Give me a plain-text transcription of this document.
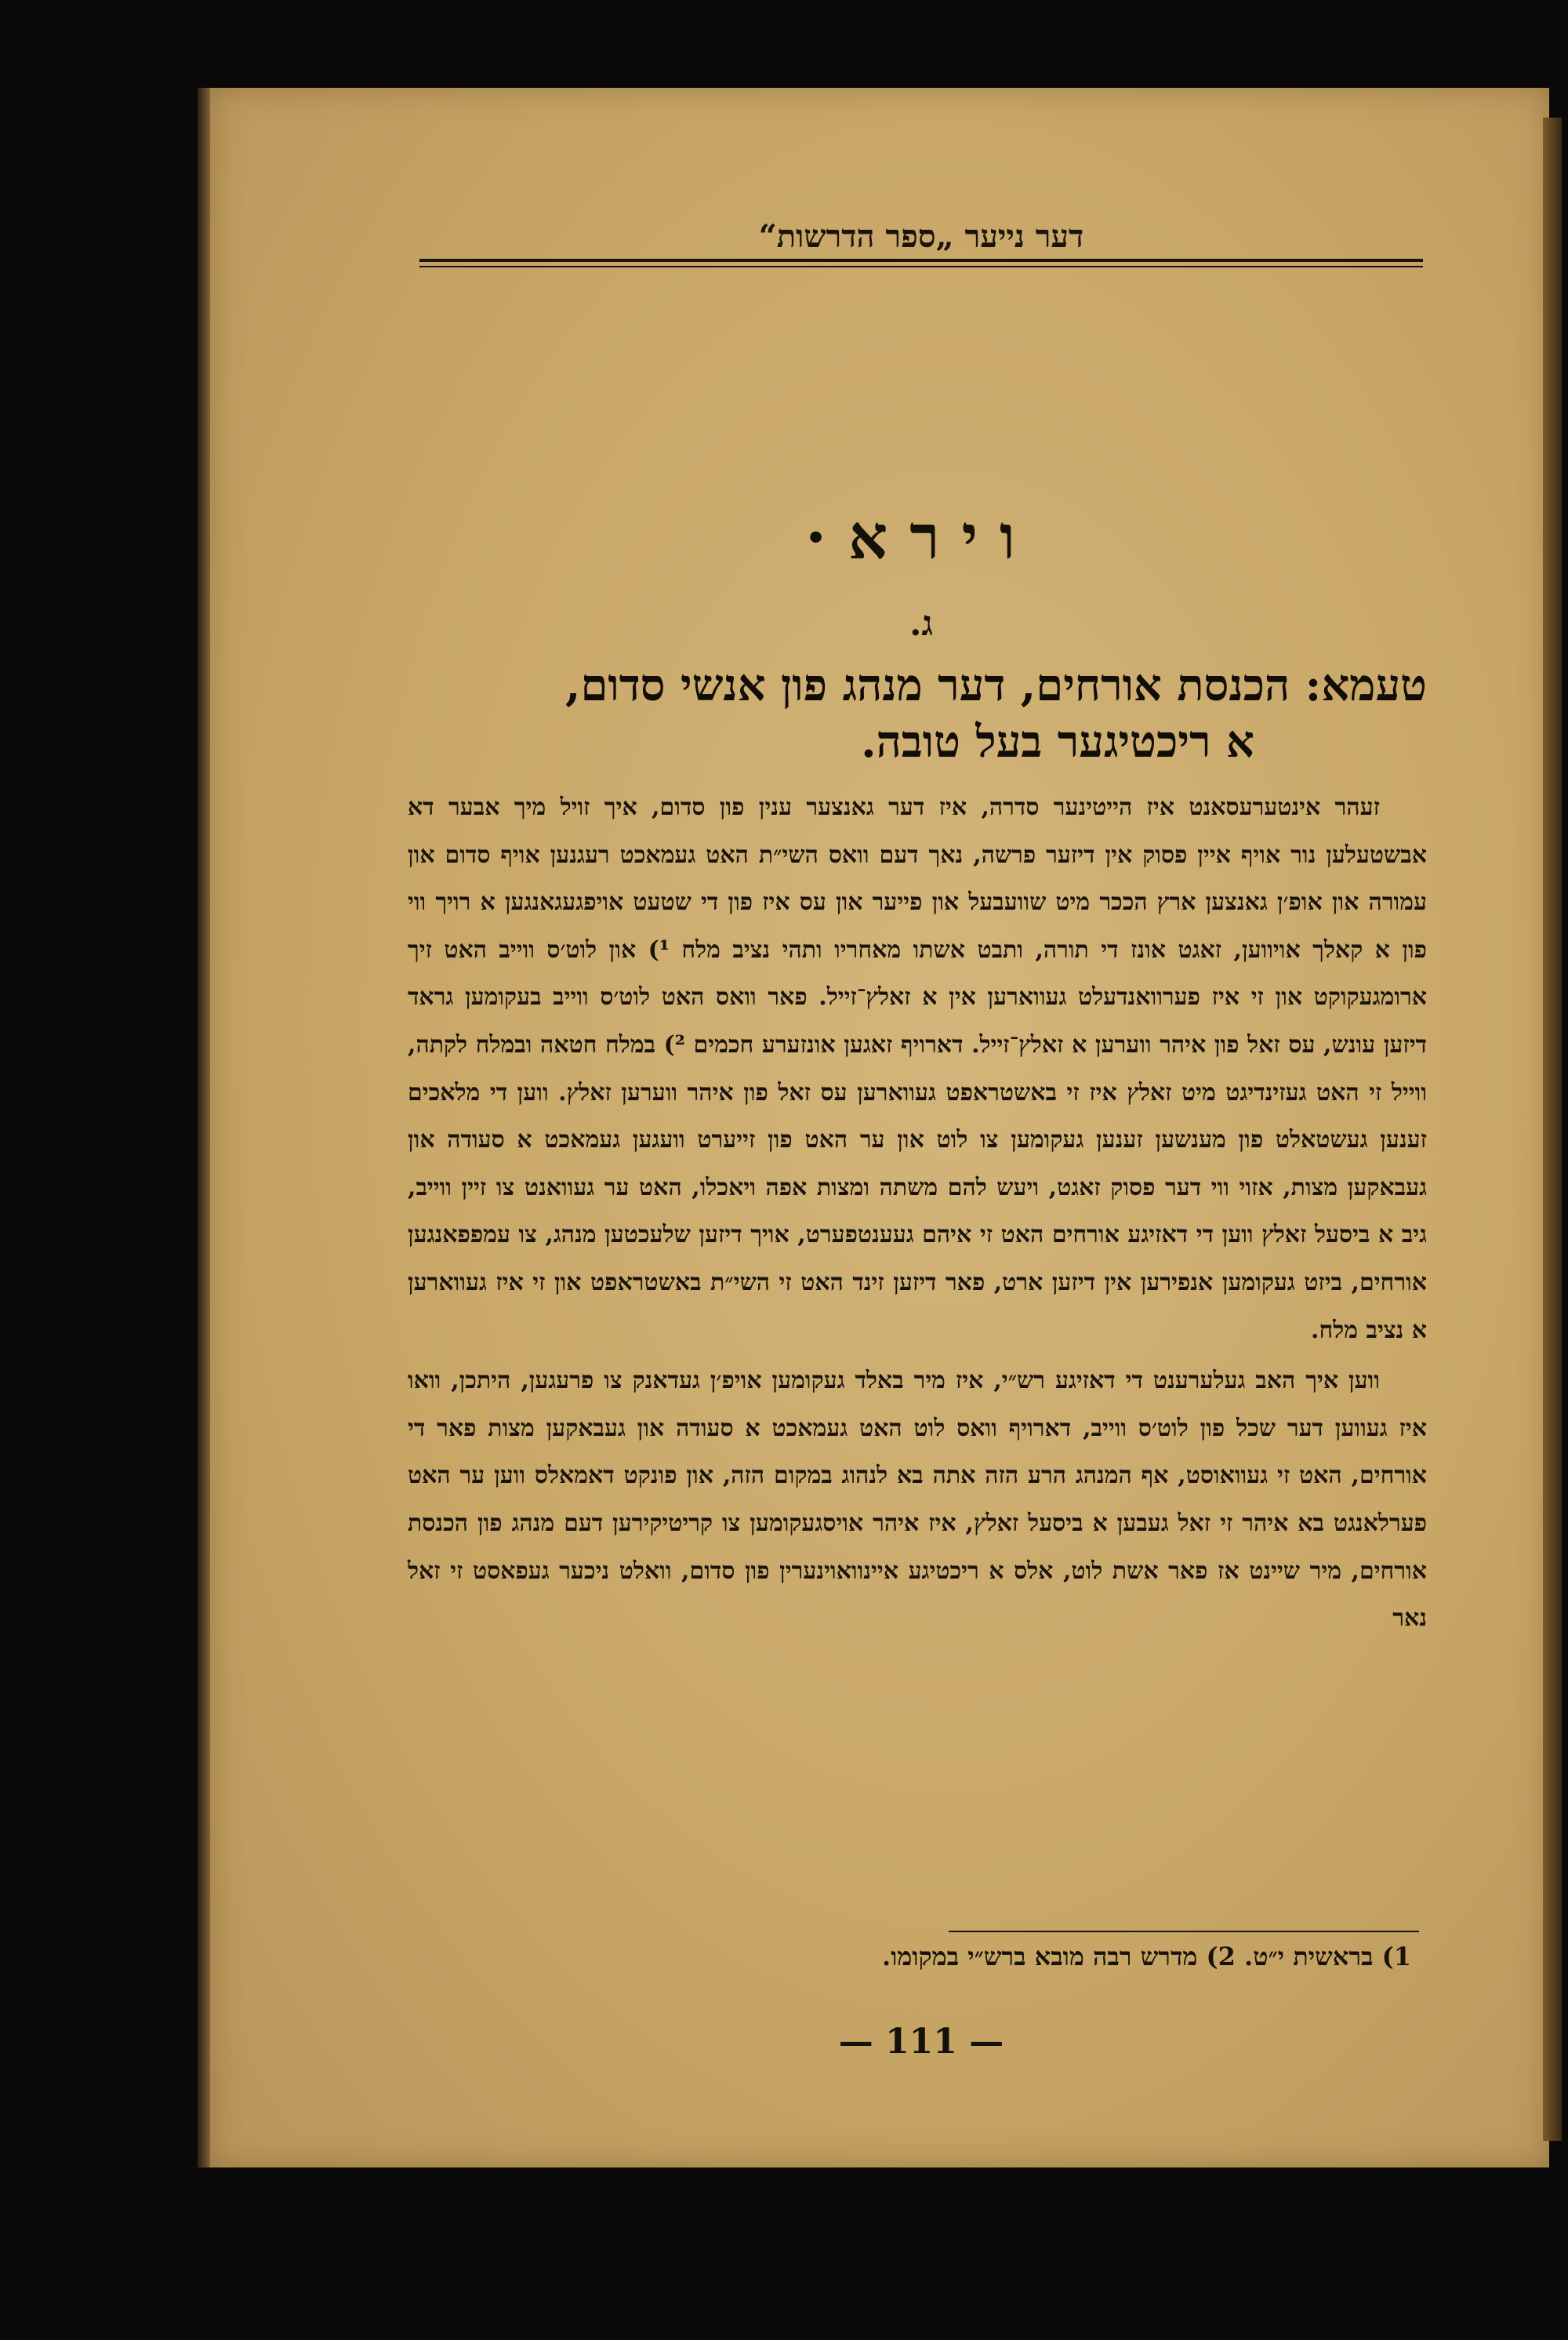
דער נייער „ספר הדרשות“
וירא·
ג.
טעמא: הכנסת אורחים, דער מנהג פון אנשי סדום,
א ריכטיגער בעל טובה.

זעהר אינטערעסאנט איז הייטינער סדרה, איז דער גאנצער ענין פון סדום, איך זויל מיך אבער דא אבשטעלען נור אויף איין פסוק אין דיזער פרשה, נאך דעם וואס השי״ת האט געמאכט רעגנען אויף סדום און עמורה און אופ׳ן גאנצען ארץ הככר מיט שוועבעל און פייער און עס איז פון די שטעט אויפגעגאנגען א רויך ווי פון א קאלך אויווען, זאגט אונז די תורה, ותבט אשתו מאחריו ותהי נציב מלח ¹) און לוט׳ס ווייב האט זיך ארומגעקוקט און זי איז פערוואנדעלט געווארען אין א זאלץ־זייל. פאר וואס האט לוט׳ס ווייב בעקומען גראד דיזען עונש, עס זאל פון איהר ווערען א זאלץ־זייל. דארויף זאגען אונזערע חכמים ²) במלח חטאה ובמלח לקתה, ווייל זי האט געזינדיגט מיט זאלץ איז זי באשטראפט געווארען עס זאל פון איהר ווערען זאלץ. ווען די מלאכים זענען געשטאלט פון מענשען זענען געקומען צו לוט און ער האט פון זייערט וועגען געמאכט א סעודה און געבאקען מצות, אזוי ווי דער פסוק זאגט, ויעש להם משתה ומצות אפה ויאכלו, האט ער געוואנט צו זיין ווייב, גיב א ביסעל זאלץ ווען די דאזיגע אורחים האט זי איהם געענטפערט, אויך דיזען שלעכטען מנהג, צו עמפפאנגען אורחים, ביזט געקומען אנפירען אין דיזען ארט, פאר דיזען זינד האט זי השי״ת באשטראפט און זי איז געווארען א נציב מלח.

ווען איך האב געלערענט די דאזיגע רש״י, איז מיר באלד געקומען אויפ׳ן געדאנק צו פרעגען, היתכן, וואו איז געווען דער שכל פון לוט׳ס ווייב, דארויף וואס לוט האט געמאכט א סעודה און געבאקען מצות פאר די אורחים, האט זי געוואוסט, אף המנהג הרע הזה אתה בא לנהוג במקום הזה, און פונקט דאמאלס ווען ער האט פערלאנגט בא איהר זי זאל געבען א ביסעל זאלץ, איז איהר אויסגעקומען צו קריטיקירען דעם מנהג פון הכנסת אורחים, מיר שיינט אז פאר אשת לוט, אלס א ריכטיגע איינוואוינערין פון סדום, וואלט ניכער געפאסט זי זאל נאר

1) בראשית י״ט. 2) מדרש רבה מובא ברש״י במקומו.
— 111 —
